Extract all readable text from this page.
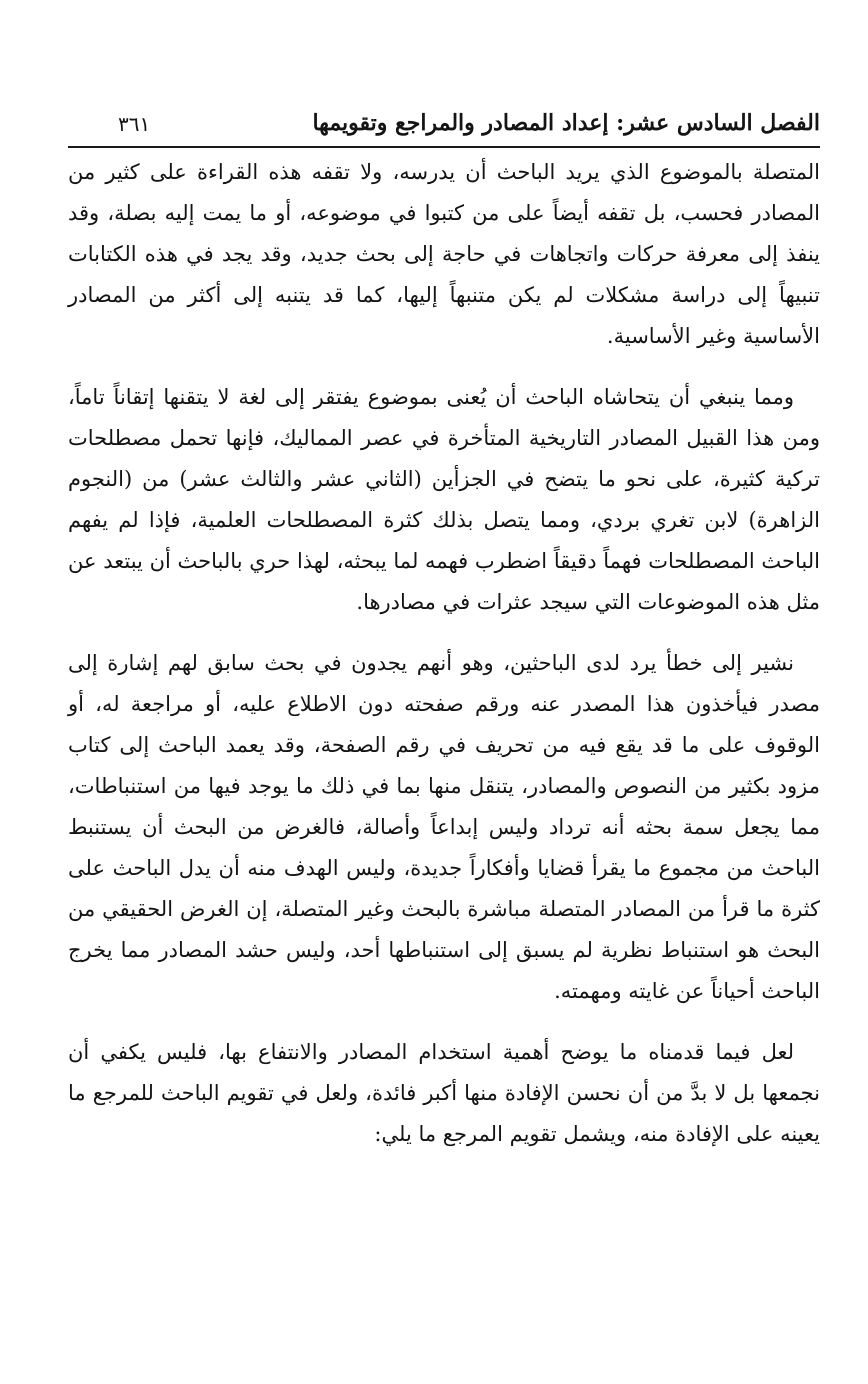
الفصل السادس عشر: إعداد المصادر والمراجع وتقويمها
٣٦١

المتصلة بالموضوع الذي يريد الباحث أن يدرسه، ولا تقفه هذه القراءة على كثير من المصادر فحسب، بل تقفه أيضاً على من كتبوا في موضوعه، أو ما يمت إليه بصلة، وقد ينفذ إلى معرفة حركات واتجاهات في حاجة إلى بحث جديد، وقد يجد في هذه الكتابات تنبيهاً إلى دراسة مشكلات لم يكن متنبهاً إليها، كما قد يتنبه إلى أكثر من المصادر الأساسية وغير الأساسية.

ومما ينبغي أن يتحاشاه الباحث أن يُعنى بموضوع يفتقر إلى لغة لا يتقنها إتقاناً تاماً، ومن هذا القبيل المصادر التاريخية المتأخرة في عصر المماليك، فإنها تحمل مصطلحات تركية كثيرة، على نحو ما يتضح في الجزأين (الثاني عشر والثالث عشر) من (النجوم الزاهرة) لابن تغري بردي، ومما يتصل بذلك كثرة المصطلحات العلمية، فإذا لم يفهم الباحث المصطلحات فهماً دقيقاً اضطرب فهمه لما يبحثه، لهذا حري بالباحث أن يبتعد عن مثل هذه الموضوعات التي سيجد عثرات في مصادرها.

نشير إلى خطأ يرد لدى الباحثين، وهو أنهم يجدون في بحث سابق لهم إشارة إلى مصدر فيأخذون هذا المصدر عنه ورقم صفحته دون الاطلاع عليه، أو مراجعة له، أو الوقوف على ما قد يقع فيه من تحريف في رقم الصفحة، وقد يعمد الباحث إلى كتاب مزود بكثير من النصوص والمصادر، يتنقل منها بما في ذلك ما يوجد فيها من استنباطات، مما يجعل سمة بحثه أنه ترداد وليس إبداعاً وأصالة، فالغرض من البحث أن يستنبط الباحث من مجموع ما يقرأ قضايا وأفكاراً جديدة، وليس الهدف منه أن يدل الباحث على كثرة ما قرأ من المصادر المتصلة مباشرة بالبحث وغير المتصلة، إن الغرض الحقيقي من البحث هو استنباط نظرية لم يسبق إلى استنباطها أحد، وليس حشد المصادر مما يخرج الباحث أحياناً عن غايته ومهمته.

لعل فيما قدمناه ما يوضح أهمية استخدام المصادر والانتفاع بها، فليس يكفي أن نجمعها بل لا بدَّ من أن نحسن الإفادة منها أكبر فائدة، ولعل في تقويم الباحث للمرجع ما يعينه على الإفادة منه، ويشمل تقويم المرجع ما يلي:
